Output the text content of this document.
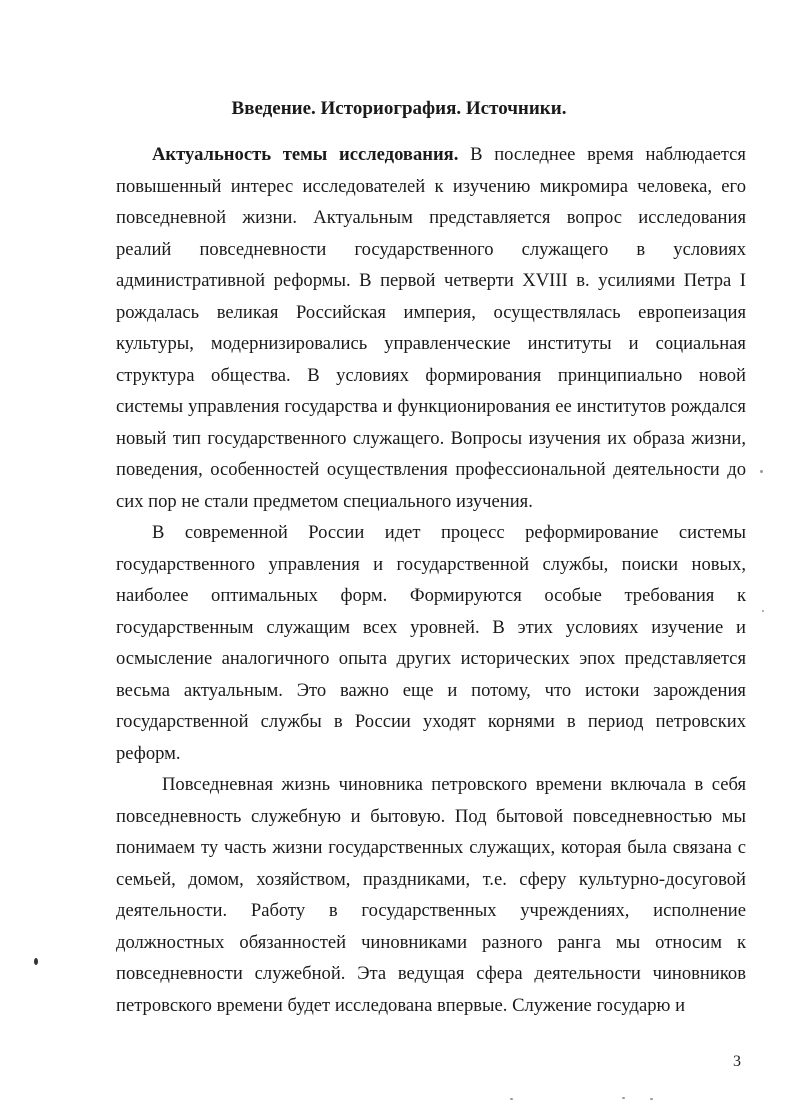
Введение. Историография. Источники.

Актуальность темы исследования. В последнее время наблюдается повышенный интерес исследователей к изучению микромира человека, его повседневной жизни. Актуальным представляется вопрос исследования реалий повседневности государственного служащего в условиях административной реформы. В первой четверти XVIII в. усилиями Петра I рождалась великая Российская империя, осуществлялась европеизация культуры, модернизировались управленческие институты и социальная структура общества. В условиях формирования принципиально новой системы управления государства и функционирования ее институтов рождался новый тип государственного служащего. Вопросы изучения их образа жизни, поведения, особенностей осуществления профессиональной деятельности до сих пор не стали предметом специального изучения.

В современной России идет процесс реформирование системы государственного управления и государственной службы, поиски новых, наиболее оптимальных форм. Формируются особые требования к государственным служащим всех уровней. В этих условиях изучение и осмысление аналогичного опыта других исторических эпох представляется весьма актуальным. Это важно еще и потому, что истоки зарождения государственной службы в России уходят корнями в период петровских реформ.

Повседневная жизнь чиновника петровского времени включала в себя повседневность служебную и бытовую. Под бытовой повседневностью мы понимаем ту часть жизни государственных служащих, которая была связана с семьей, домом, хозяйством, праздниками, т.е. сферу культурно-досуговой деятельности. Работу в государственных учреждениях, исполнение должностных обязанностей чиновниками разного ранга мы относим к повседневности служебной. Эта ведущая сфера деятельности чиновников петровского времени будет исследована впервые. Служение государю и

3
